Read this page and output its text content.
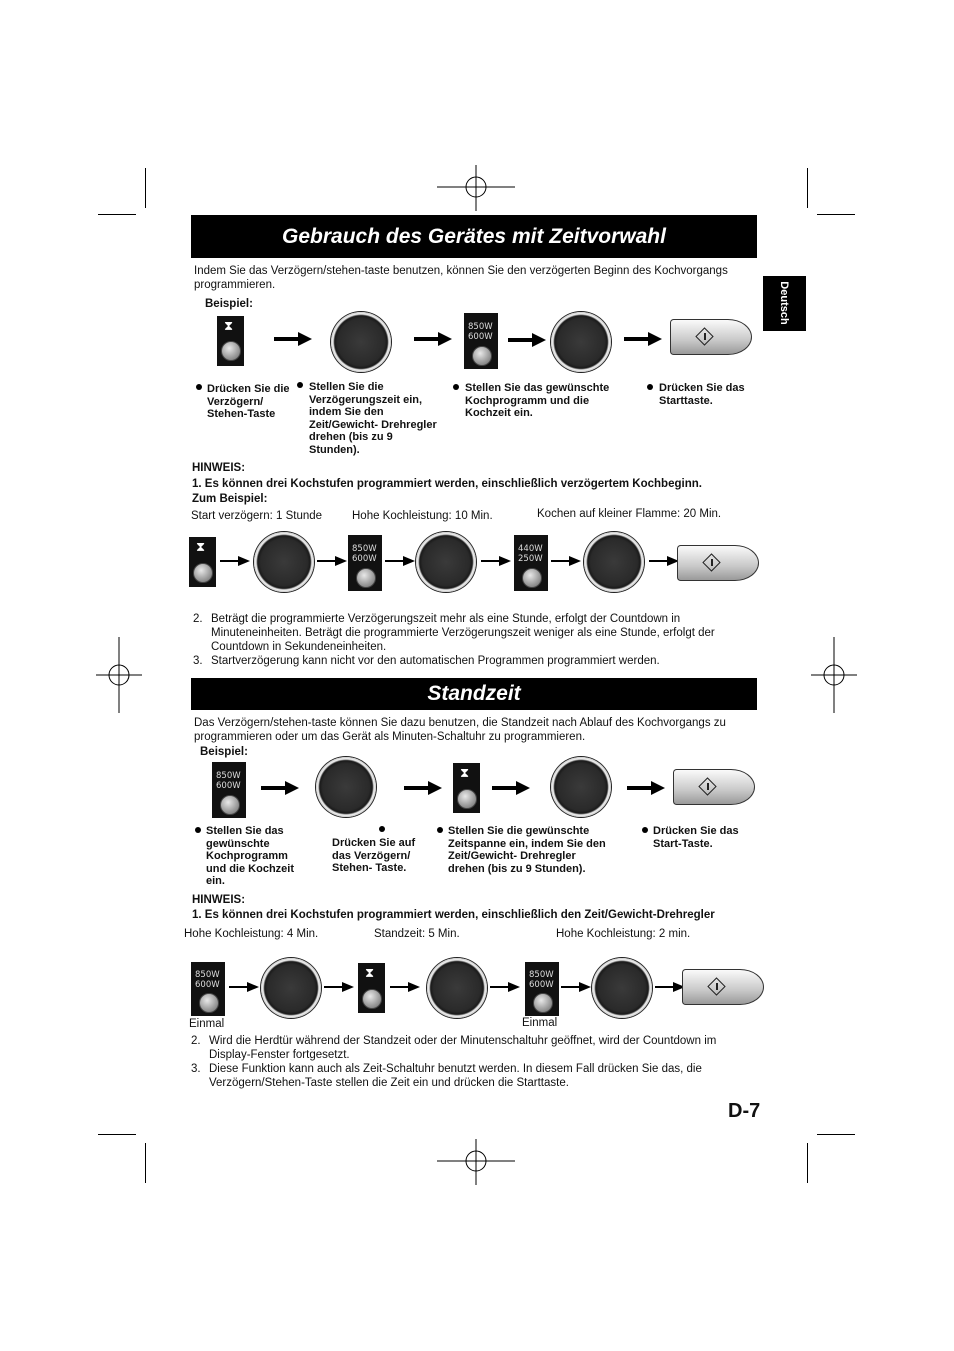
Deutsch
Gebrauch des Gerätes mit Zeitvorwahl
Indem Sie das Verzögern/stehen-taste benutzen, können Sie den verzögerten Beginn des Kochvorgangs programmieren.
Beispiel:
⧗	850W
600W
Drücken Sie die Verzögern/ Stehen-Taste
Stellen Sie die Verzögerungszeit ein, indem Sie den Zeit/Gewicht- Drehregler drehen (bis zu 9 Stunden).
Stellen Sie das gewünschte Kochprogramm und die Kochzeit ein.
Drücken Sie das Starttaste.
HINWEIS:
1. Es können drei Kochstufen programmiert werden, einschließlich verzögertem Kochbeginn.
Zum Beispiel:
Start verzögern: 1 Stunde	Hohe Kochleistung: 10 Min.	Kochen auf kleiner Flamme: 20 Min.
⧗	850W
600W
440W
250W
2. Beträgt die programmierte Verzögerungszeit mehr als eine Stunde, erfolgt der Countdown in Minuteneinheiten. Beträgt die programmierte Verzögerungszeit weniger als eine Stunde, erfolgt der Countdown in Sekundeneinheiten.
3. Startverzögerung kann nicht vor den automatischen Programmen programmiert werden.
Standzeit
Das Verzögern/stehen-taste können Sie dazu benutzen, die Standzeit nach Ablauf des Kochvorgangs zu programmieren oder um das Gerät als Minuten-Schaltuhr zu programmieren.
Beispiel:
850W
600W
⧗
Stellen Sie das gewünschte Kochprogramm und die Kochzeit ein.
Drücken Sie auf das Verzögern/ Stehen- Taste.
Stellen Sie die gewünschte Zeitspanne ein, indem Sie den Zeit/Gewicht- Drehregler drehen (bis zu 9 Stunden).
Drücken Sie das Start-Taste.
HINWEIS:
1. Es können drei Kochstufen programmiert werden, einschließlich den Zeit/Gewicht-Drehregler
Hohe Kochleistung: 4 Min.	Standzeit: 5 Min.	Hohe Kochleistung: 2 min.
850W
600W
Einmal
⧗	850W
600W
Einmal
2. Wird die Herdtür während der Standzeit oder der Minutenschaltuhr geöffnet, wird der Countdown im Display-Fenster fortgesetzt.
3. Diese Funktion kann auch als Zeit-Schaltuhr benutzt werden. In diesem Fall drücken Sie das, die Verzögern/Stehen-Taste stellen die Zeit ein und drücken die Starttaste.
D-7
